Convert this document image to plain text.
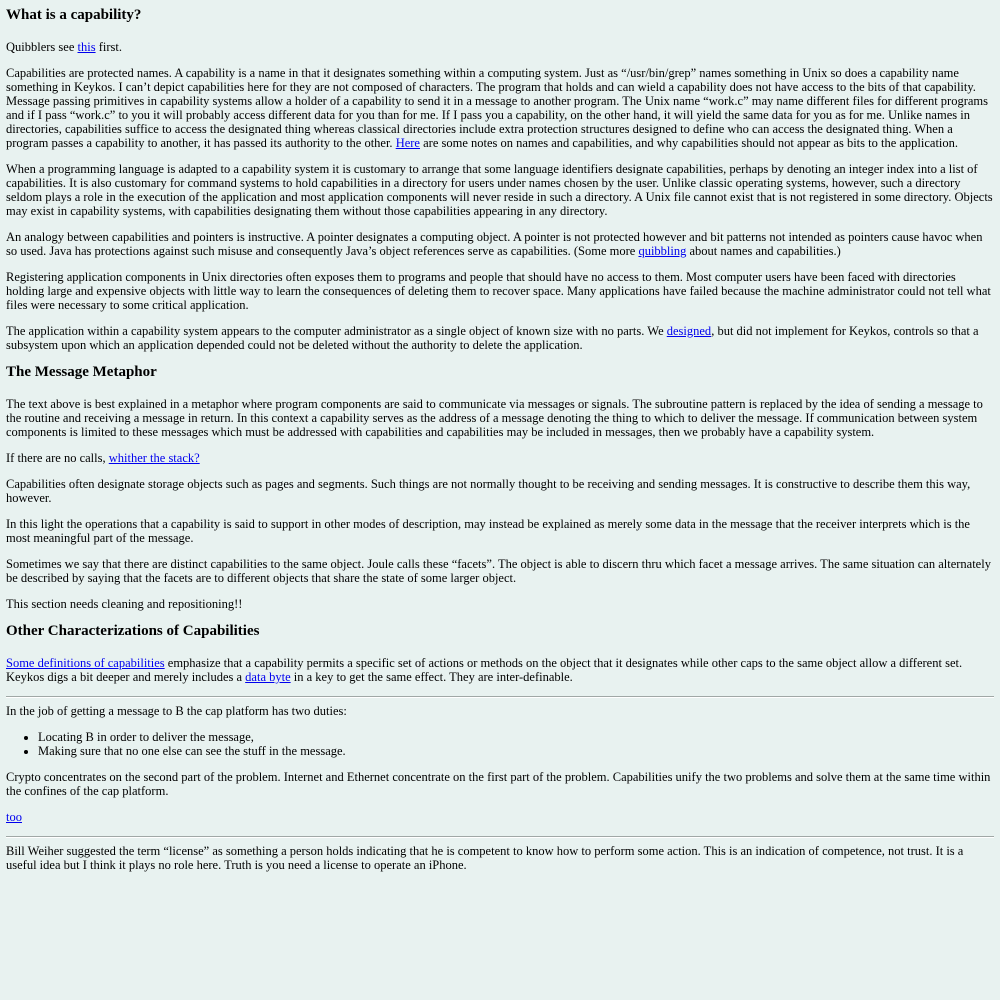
What is a capability?

Quibblers see this first.

Capabilities are protected names. A capability is a name in that it designates something within a computing system. Just as “/usr/bin/grep” names something in Unix so does a capability name something in Keykos. I can’t depict capabilities here for they are not composed of characters. The program that holds and can wield a capability does not have access to the bits of that capability. Message passing primitives in capability systems allow a holder of a capability to send it in a message to another program. The Unix name “work.c” may name different files for different programs and if I pass “work.c” to you it will probably access different data for you than for me. If I pass you a capability, on the other hand, it will yield the same data for you as for me. Unlike names in directories, capabilities suffice to access the designated thing whereas classical directories include extra protection structures designed to define who can access the designated thing. When a program passes a capability to another, it has passed its authority to the other. Here are some notes on names and capabilities, and why capabilities should not appear as bits to the application.

When a programming language is adapted to a capability system it is customary to arrange that some language identifiers designate capabilities, perhaps by denoting an integer index into a list of capabilities. It is also customary for command systems to hold capabilities in a directory for users under names chosen by the user. Unlike classic operating systems, however, such a directory seldom plays a role in the execution of the application and most application components will never reside in such a directory. A Unix file cannot exist that is not registered in some directory. Objects may exist in capability systems, with capabilities designating them without those capabilities appearing in any directory.

An analogy between capabilities and pointers is instructive. A pointer designates a computing object. A pointer is not protected however and bit patterns not intended as pointers cause havoc when so used. Java has protections against such misuse and consequently Java’s object references serve as capabilities. (Some more quibbling about names and capabilities.)

Registering application components in Unix directories often exposes them to programs and people that should have no access to them. Most computer users have been faced with directories holding large and expensive objects with little way to learn the consequences of deleting them to recover space. Many applications have failed because the machine administrator could not tell what files were necessary to some critical application.

The application within a capability system appears to the computer administrator as a single object of known size with no parts. We designed, but did not implement for Keykos, controls so that a subsystem upon which an application depended could not be deleted without the authority to delete the application.

The Message Metaphor

The text above is best explained in a metaphor where program components are said to communicate via messages or signals. The subroutine pattern is replaced by the idea of sending a message to the routine and receiving a message in return. In this context a capability serves as the address of a message denoting the thing to which to deliver the message. If communication between system components is limited to these messages which must be addressed with capabilities and capabilities may be included in messages, then we probably have a capability system.

If there are no calls, whither the stack?

Capabilities often designate storage objects such as pages and segments. Such things are not normally thought to be receiving and sending messages. It is constructive to describe them this way, however.

In this light the operations that a capability is said to support in other modes of description, may instead be explained as merely some data in the message that the receiver interprets which is the most meaningful part of the message.

Sometimes we say that there are distinct capabilities to the same object. Joule calls these “facets”. The object is able to discern thru which facet a message arrives. The same situation can alternately be described by saying that the facets are to different objects that share the state of some larger object.

This section needs cleaning and repositioning!!

Other Characterizations of Capabilities

Some definitions of capabilities emphasize that a capability permits a specific set of actions or methods on the object that it designates while other caps to the same object allow a different set. Keykos digs a bit deeper and merely includes a data byte in a key to get the same effect. They are inter-definable.

In the job of getting a message to B the cap platform has two duties:

• Locating B in order to deliver the message,
• Making sure that no one else can see the stuff in the message.

Crypto concentrates on the second part of the problem. Internet and Ethernet concentrate on the first part of the problem. Capabilities unify the two problems and solve them at the same time within the confines of the cap platform.

too

Bill Weiher suggested the term “license” as something a person holds indicating that he is competent to know how to perform some action. This is an indication of competence, not trust. It is a useful idea but I think it plays no role here. Truth is you need a license to operate an iPhone.
